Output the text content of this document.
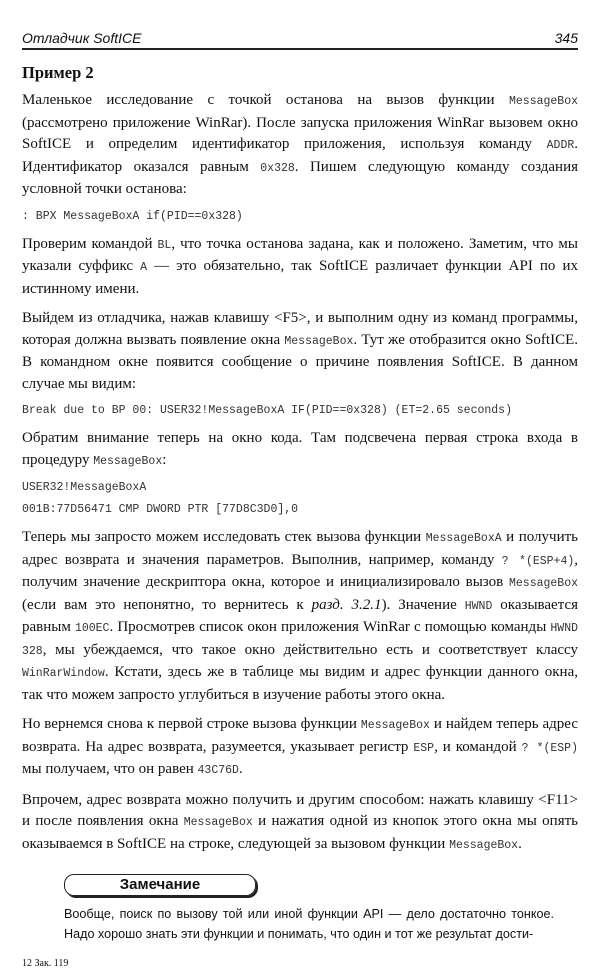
Отладчик SoftICE	345
Пример 2

Маленькое исследование с точкой останова на вызов функции MessageBox (рассмотрено приложение WinRar). После запуска приложения WinRar вызовем окно SoftICE и определим идентификатор приложения, используя команду ADDR. Идентификатор оказался равным 0x328. Пишем следующую команду создания условной точки останова:

: BPX MessageBoxA if(PID==0x328)

Проверим командой BL, что точка останова задана, как и положено. Заметим, что мы указали суффикс A — это обязательно, так SoftICE различает функции API по их истинному имени.

Выйдем из отладчика, нажав клавишу <F5>, и выполним одну из команд программы, которая должна вызвать появление окна MessageBox. Тут же отобразится окно SoftICE. В командном окне появится сообщение о причине появления SoftICE. В данном случае мы видим:

Break due to BP 00: USER32!MessageBoxA IF(PID==0x328) (ET=2.65 seconds)

Обратим внимание теперь на окно кода. Там подсвечена первая строка входа в процедуру MessageBox:

USER32!MessageBoxA
001B:77D56471 CMP DWORD PTR [77D8C3D0],0

Теперь мы запросто можем исследовать стек вызова функции MessageBoxA и получить адрес возврата и значения параметров. Выполнив, например, команду ? *(ESP+4), получим значение дескриптора окна, которое и инициализировало вызов MessageBox (если вам это непонятно, то вернитесь к разд. 3.2.1). Значение HWND оказывается равным 100EC. Просмотрев список окон приложения WinRar с помощью команды HWND 328, мы убеждаемся, что такое окно действительно есть и соответствует классу WinRarWindow. Кстати, здесь же в таблице мы видим и адрес функции данного окна, так что можем запросто углубиться в изучение работы этого окна.

Но вернемся снова к первой строке вызова функции MessageBox и найдем теперь адрес возврата. На адрес возврата, разумеется, указывает регистр ESP, и командой ? *(ESP) мы получаем, что он равен 43C76D.

Впрочем, адрес возврата можно получить и другим способом: нажать клавишу <F11> и после появления окна MessageBox и нажатия одной из кнопок этого окна мы опять оказываемся в SoftICE на строке, следующей за вызовом функции MessageBox.

Замечание
Вообще, поиск по вызову той или иной функции API — дело достаточно тонкое. Надо хорошо знать эти функции и понимать, что один и тот же результат дости-
12 Зак. 119
